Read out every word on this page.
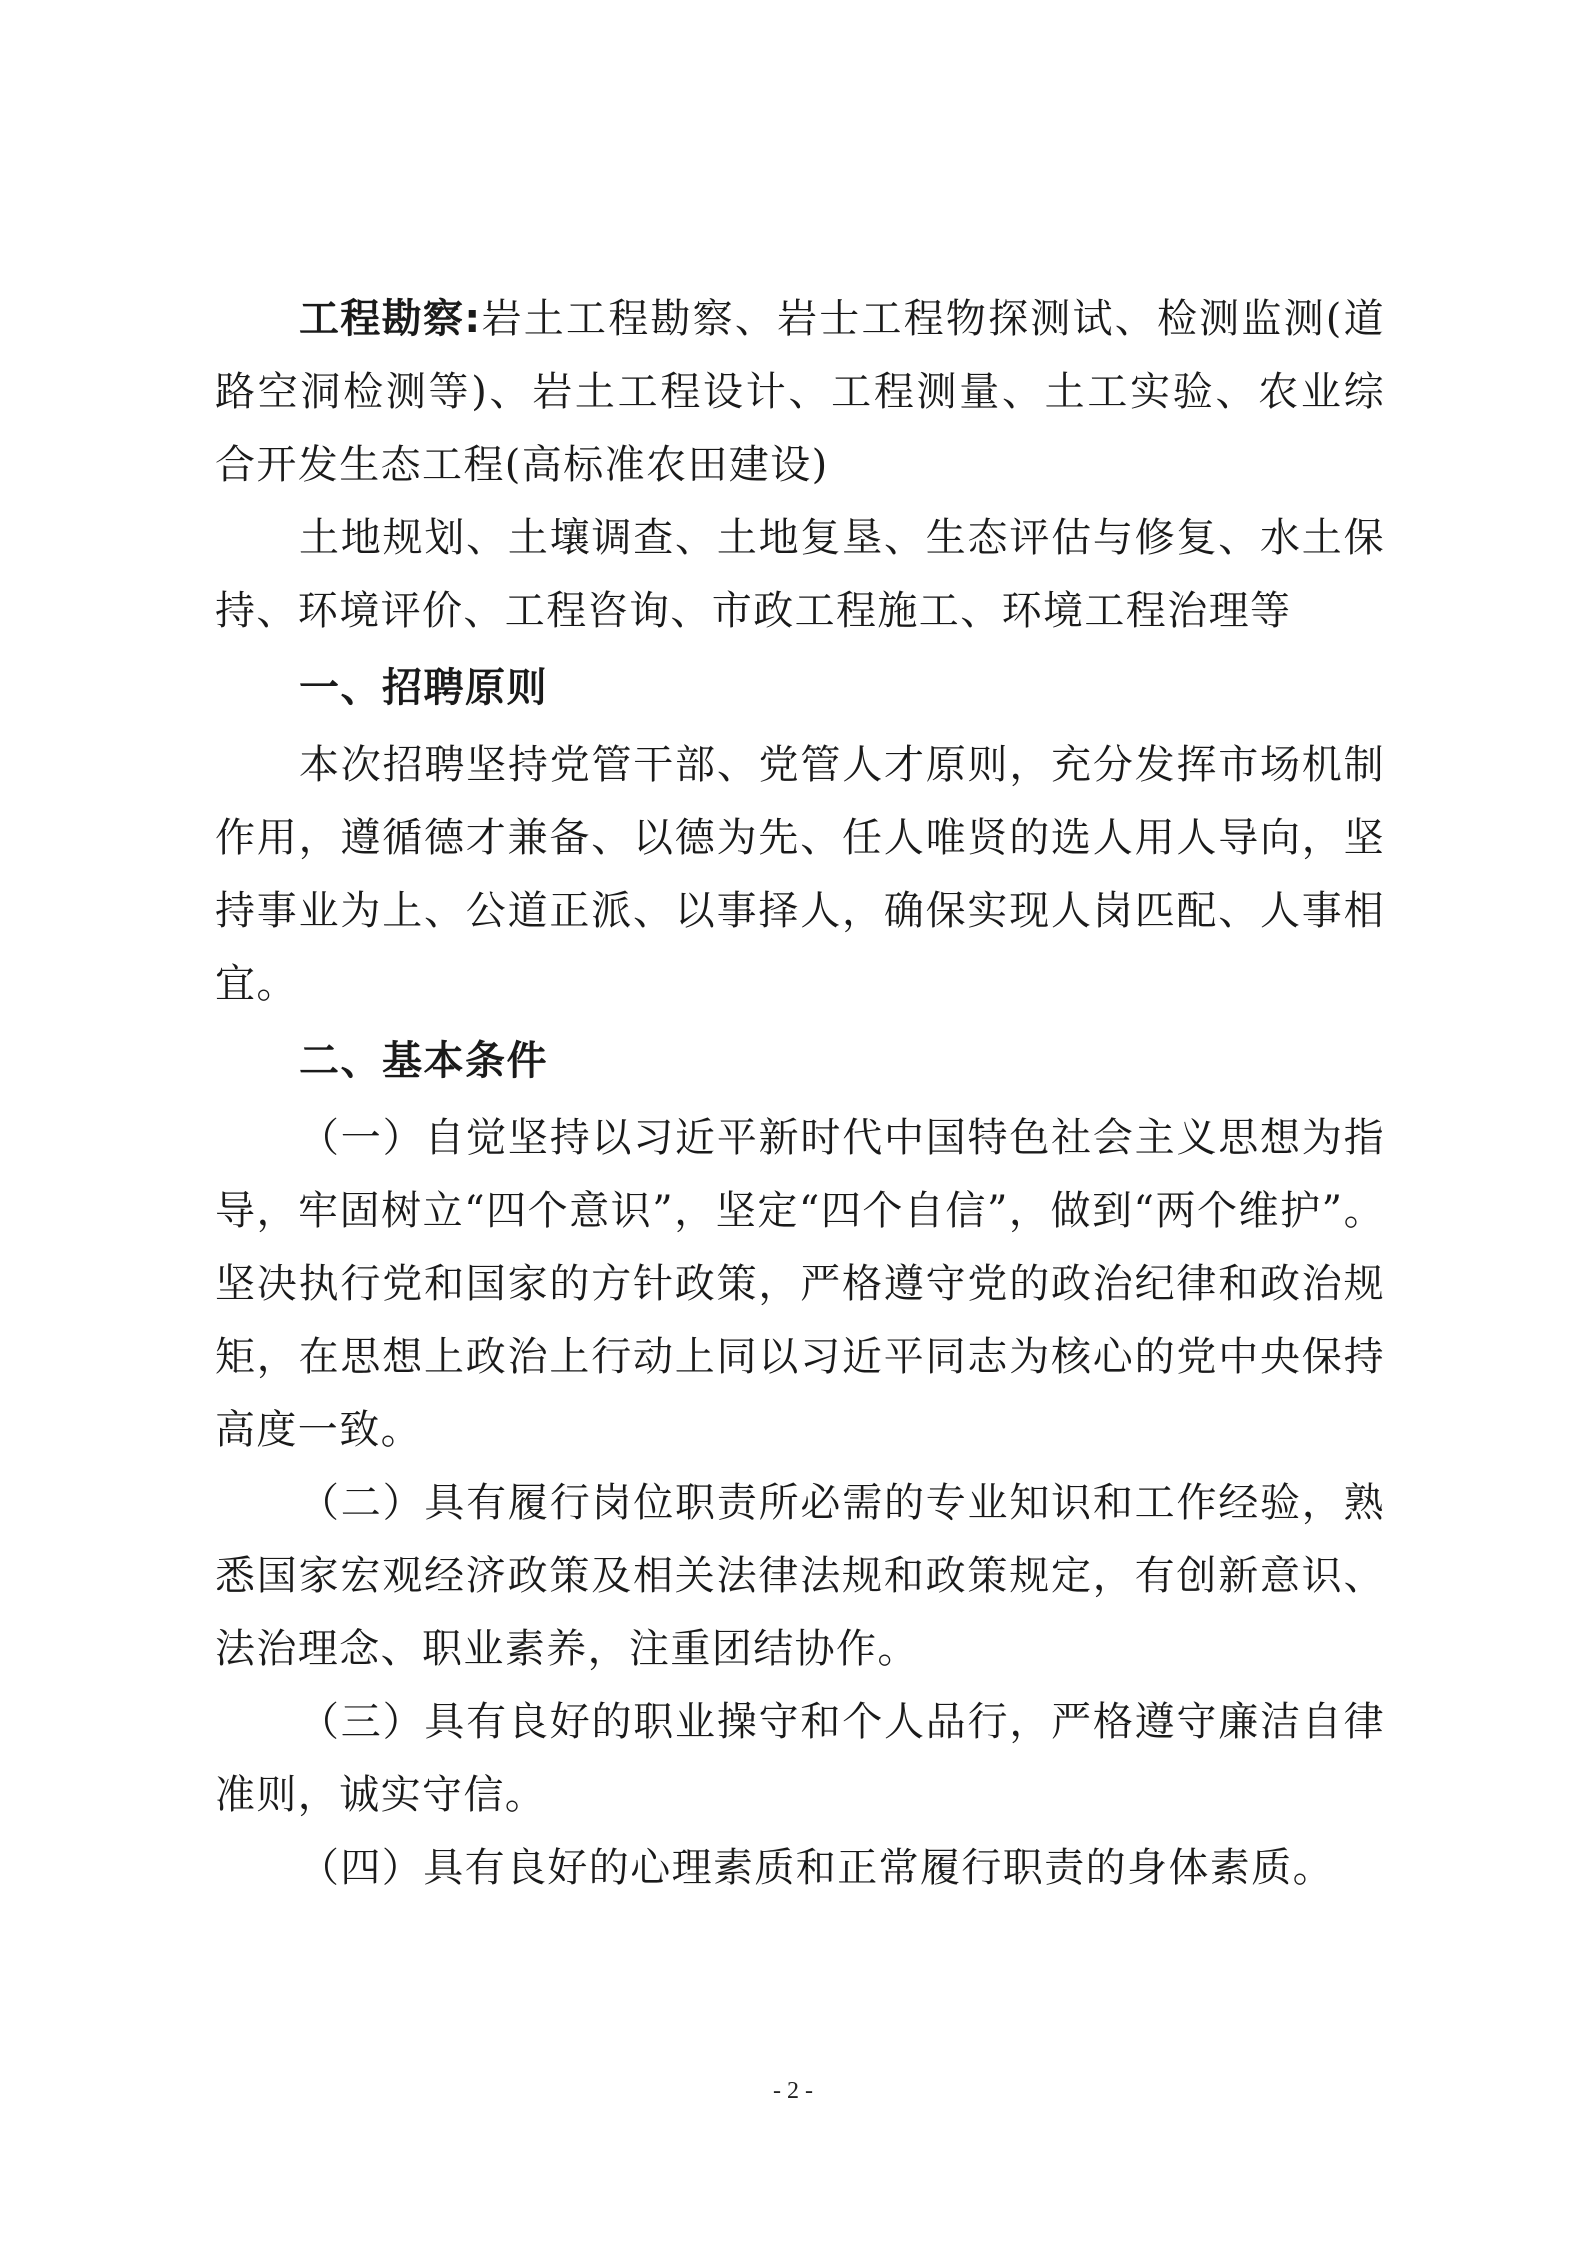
工程勘察:岩土工程勘察、岩士工程物探测试、检测监测(道路空洞检测等)、岩土工程设计、工程测量、土工实验、农业综合开发生态工程(高标准农田建设)

土地规划、土壤调查、土地复垦、生态评估与修复、水土保持、环境评价、工程咨询、市政工程施工、环境工程治理等

一、招聘原则

本次招聘坚持党管干部、党管人才原则，充分发挥市场机制作用，遵循德才兼备、以德为先、任人唯贤的选人用人导向，坚持事业为上、公道正派、以事择人，确保实现人岗匹配、人事相宜。

二、基本条件

（一）自觉坚持以习近平新时代中国特色社会主义思想为指导，牢固树立“四个意识”，坚定“四个自信”，做到“两个维护”。坚决执行党和国家的方针政策，严格遵守党的政治纪律和政治规矩，在思想上政治上行动上同以习近平同志为核心的党中央保持高度一致。

（二）具有履行岗位职责所必需的专业知识和工作经验，熟悉国家宏观经济政策及相关法律法规和政策规定，有创新意识、法治理念、职业素养，注重团结协作。

（三）具有良好的职业操守和个人品行，严格遵守廉洁自律准则，诚实守信。

（四）具有良好的心理素质和正常履行职责的身体素质。

- 2 -
